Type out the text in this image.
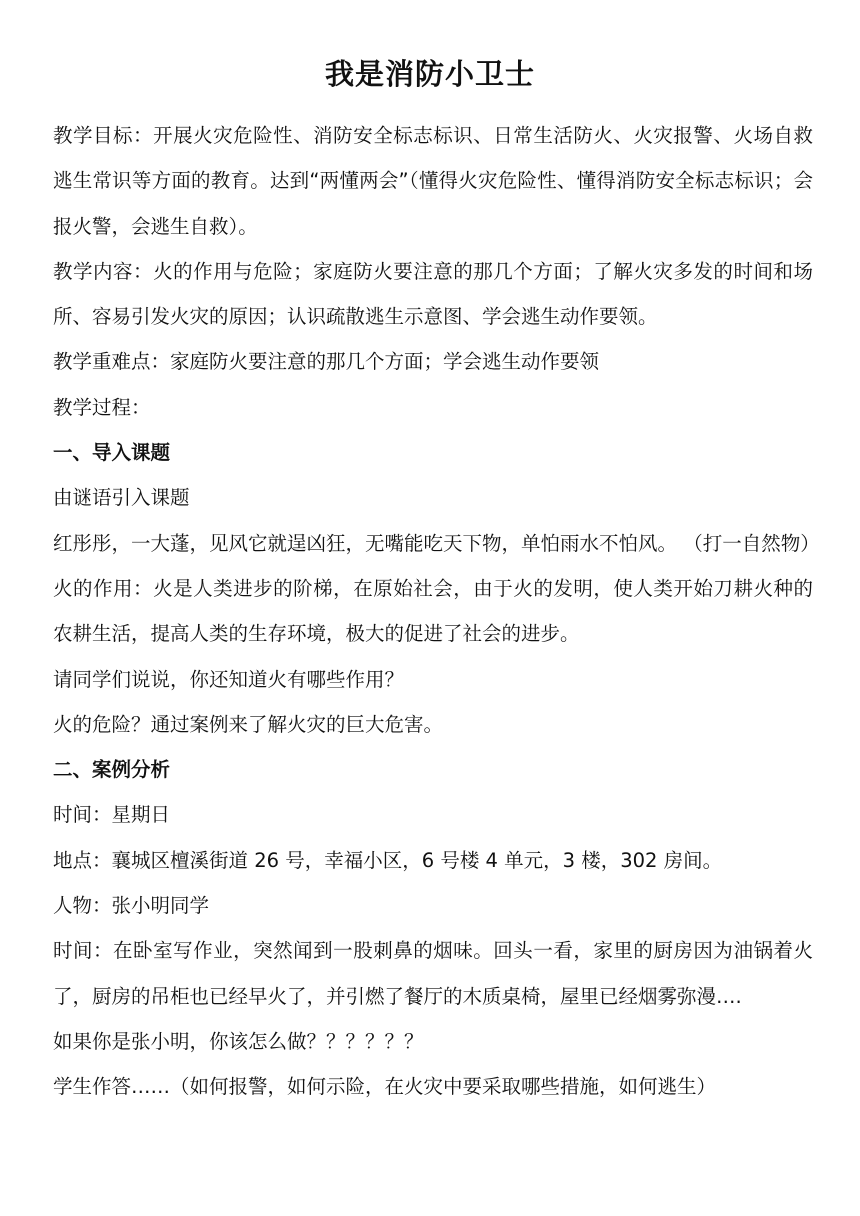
我是消防小卫士

教学目标：开展火灾危险性、消防安全标志标识、日常生活防火、火灾报警、火场自救逃生常识等方面的教育。达到“两懂两会”（懂得火灾危险性、懂得消防安全标志标识；会报火警，会逃生自救）。

教学内容：火的作用与危险；家庭防火要注意的那几个方面；了解火灾多发的时间和场所、容易引发火灾的原因；认识疏散逃生示意图、学会逃生动作要领。

教学重难点：家庭防火要注意的那几个方面；学会逃生动作要领

教学过程：

一、导入课题

由谜语引入课题

红彤彤，一大蓬，见风它就逞凶狂，无嘴能吃天下物，单怕雨水不怕风。 （打一自然物）

火的作用：火是人类进步的阶梯，在原始社会，由于火的发明，使人类开始刀耕火种的农耕生活，提高人类的生存环境，极大的促进了社会的进步。

请同学们说说，你还知道火有哪些作用？

火的危险？通过案例来了解火灾的巨大危害。

二、案例分析

时间：星期日

地点：襄城区檀溪街道 26 号，幸福小区，6 号楼 4 单元，3 楼，302 房间。

人物：张小明同学

时间：在卧室写作业，突然闻到一股刺鼻的烟味。回头一看，家里的厨房因为油锅着火了，厨房的吊柜也已经早火了，并引燃了餐厅的木质桌椅，屋里已经烟雾弥漫….

如果你是张小明，你该怎么做？？？？？？

学生作答……（如何报警，如何示险，在火灾中要采取哪些措施，如何逃生）
